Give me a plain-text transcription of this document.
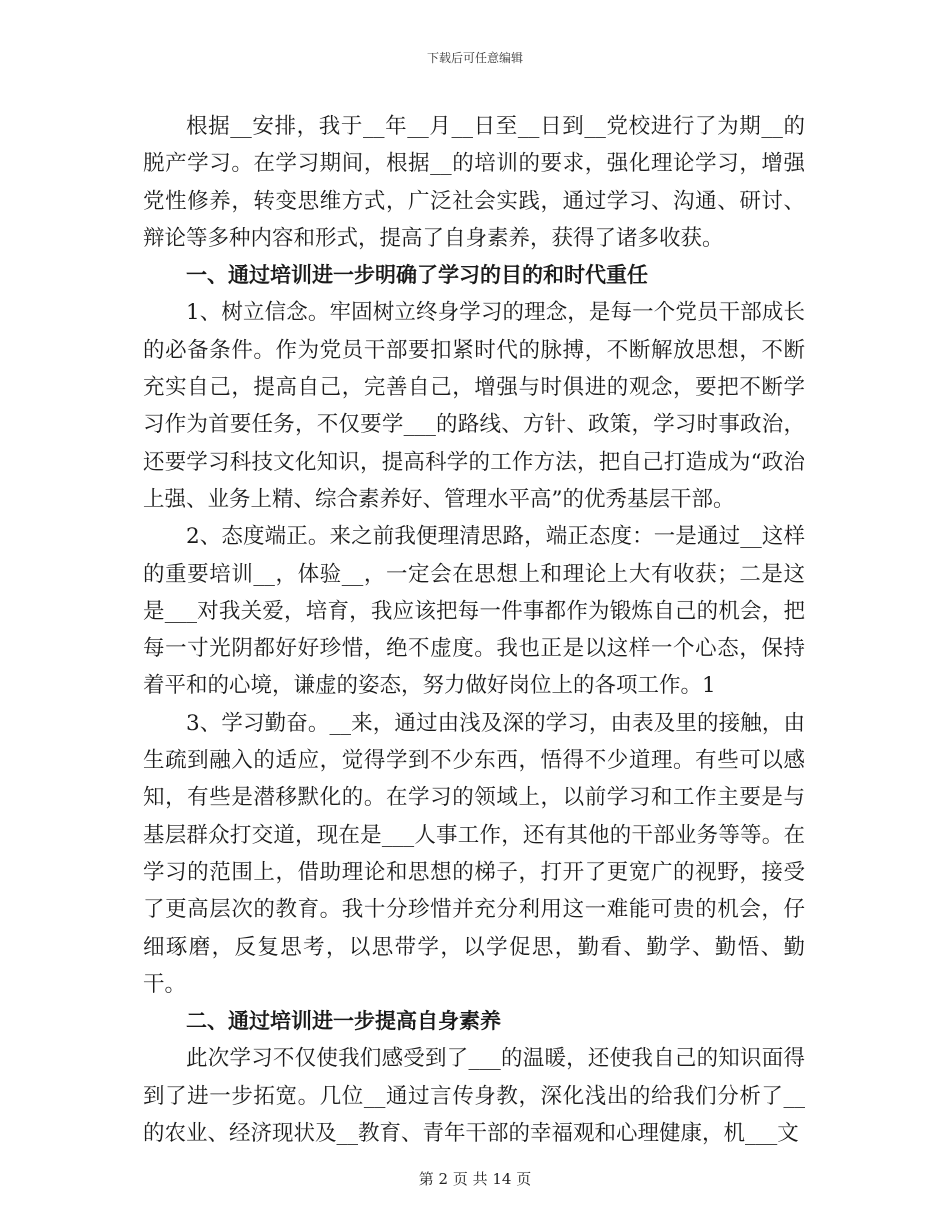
下载后可任意编辑

根据__安排，我于__年__月__日至__日到__党校进行了为期__的脱产学习。在学习期间，根据__的培训的要求，强化理论学习，增强党性修养，转变思维方式，广泛社会实践，通过学习、沟通、研讨、辩论等多种内容和形式，提高了自身素养，获得了诸多收获。

一、通过培训进一步明确了学习的目的和时代重任

1、树立信念。牢固树立终身学习的理念，是每一个党员干部成长的必备条件。作为党员干部要扣紧时代的脉搏，不断解放思想，不断充实自己，提高自己，完善自己，增强与时俱进的观念，要把不断学习作为首要任务，不仅要学___的路线、方针、政策，学习时事政治，还要学习科技文化知识，提高科学的工作方法，把自己打造成为“政治上强、业务上精、综合素养好、管理水平高”的优秀基层干部。

2、态度端正。来之前我便理清思路，端正态度：一是通过__这样的重要培训__，体验__，一定会在思想上和理论上大有收获；二是这是___对我关爱，培育，我应该把每一件事都作为锻炼自己的机会，把每一寸光阴都好好珍惜，绝不虚度。我也正是以这样一个心态，保持着平和的心境，谦虚的姿态，努力做好岗位上的各项工作。1

3、学习勤奋。__来，通过由浅及深的学习，由表及里的接触，由生疏到融入的适应，觉得学到不少东西，悟得不少道理。有些可以感知，有些是潜移默化的。在学习的领域上，以前学习和工作主要是与基层群众打交道，现在是___人事工作，还有其他的干部业务等等。在学习的范围上，借助理论和思想的梯子，打开了更宽广的视野，接受了更高层次的教育。我十分珍惜并充分利用这一难能可贵的机会，仔细琢磨，反复思考，以思带学，以学促思，勤看、勤学、勤悟、勤干。

二、通过培训进一步提高自身素养

此次学习不仅使我们感受到了___的温暖，还使我自己的知识面得到了进一步拓宽。几位__通过言传身教，深化浅出的给我们分析了__的农业、经济现状及__教育、青年干部的幸福观和心理健康，机___文

第 2 页 共 14 页
